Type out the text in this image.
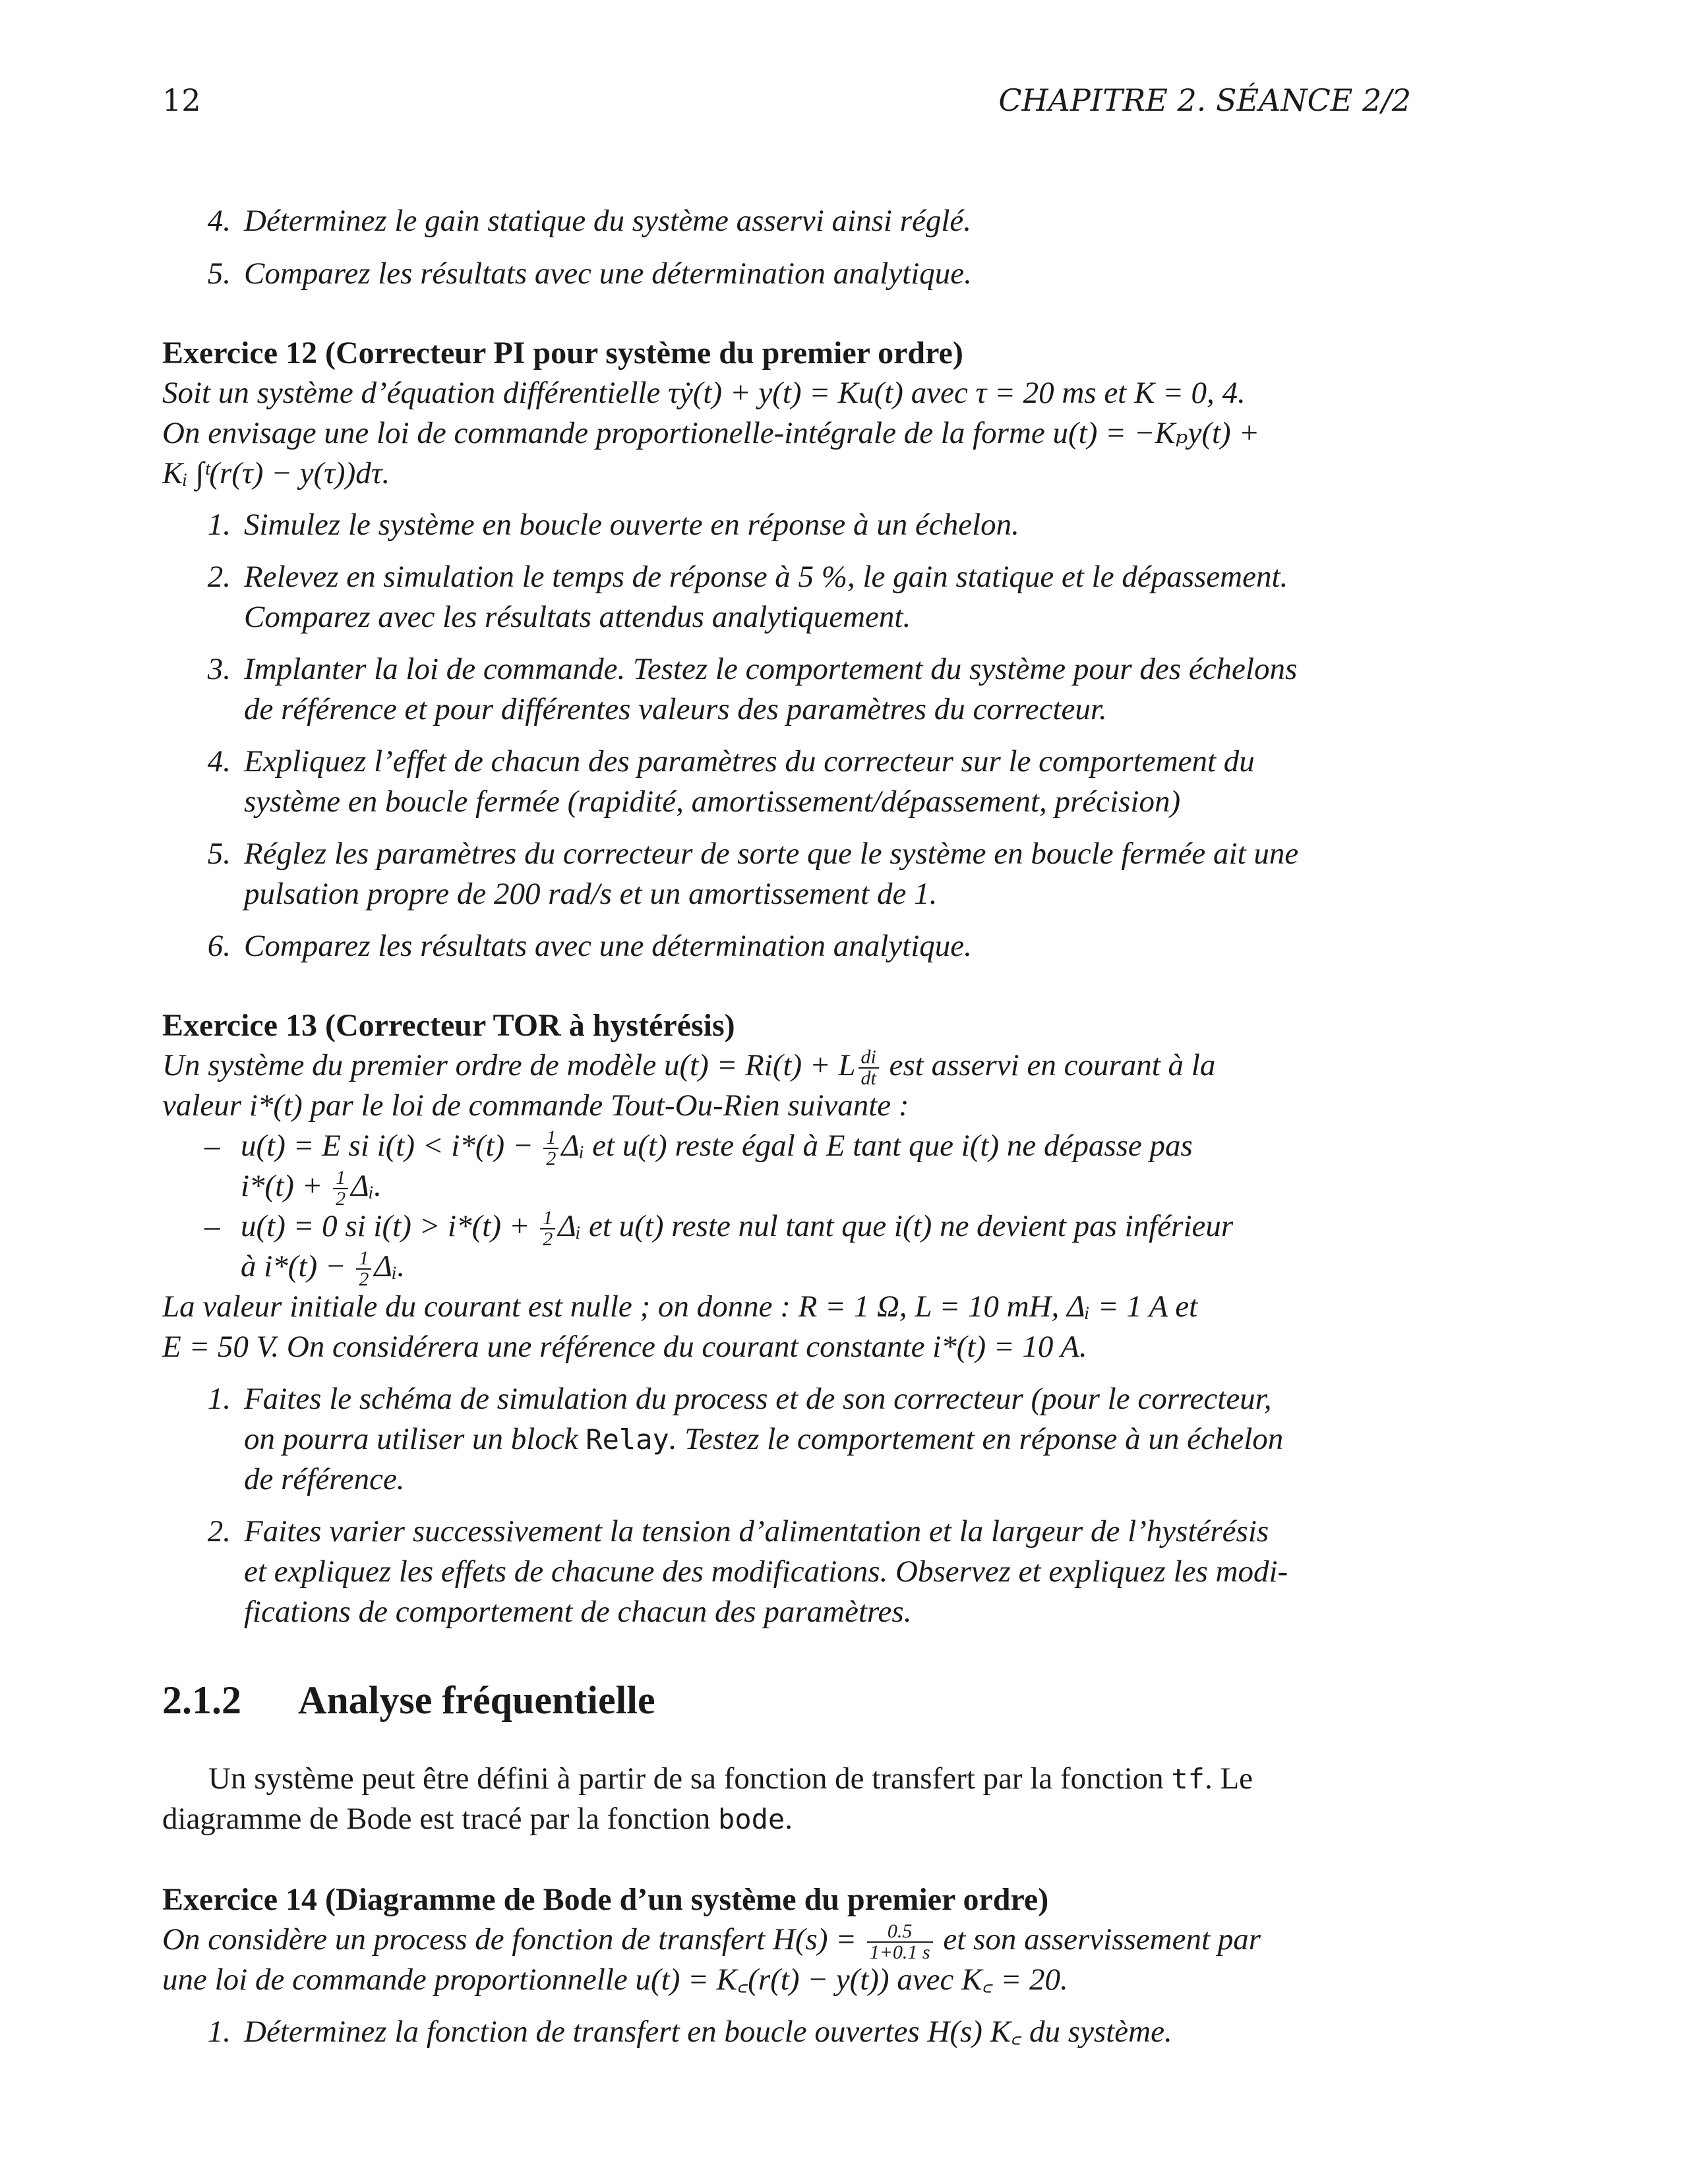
12	CHAPITRE 2. SÉANCE 2/2
4. Déterminez le gain statique du système asservi ainsi réglé.
5. Comparez les résultats avec une détermination analytique.
Exercice 12 (Correcteur PI pour système du premier ordre)
Soit un système d’équation différentielle τẏ(t) + y(t) = Ku(t) avec τ = 20 ms et K = 0, 4.
On envisage une loi de commande proportionelle-intégrale de la forme u(t) = −Kₚy(t) +
Kᵢ ∫ᵗ(r(τ) − y(τ))dτ.
1. Simulez le système en boucle ouverte en réponse à un échelon.
2. Relevez en simulation le temps de réponse à 5 %, le gain statique et le dépassement.
Comparez avec les résultats attendus analytiquement.
3. Implanter la loi de commande. Testez le comportement du système pour des échelons
de référence et pour différentes valeurs des paramètres du correcteur.
4. Expliquez l’effet de chacun des paramètres du correcteur sur le comportement du
système en boucle fermée (rapidité, amortissement/dépassement, précision)
5. Réglez les paramètres du correcteur de sorte que le système en boucle fermée ait une
pulsation propre de 200 rad/s et un amortissement de 1.
6. Comparez les résultats avec une détermination analytique.
Exercice 13 (Correcteur TOR à hystérésis)
Un système du premier ordre de modèle u(t) = Ri(t) + L $\frac{di}{dt}$ est asservi en courant à la
valeur i*(t) par le loi de commande Tout-Ou-Rien suivante :
– u(t) = E si $i(t) < i*(t) - \frac{1}{2}$ Δᵢ et u(t) reste égal à E tant que i(t) ne dépasse pas
$i*(t) + \frac{1}{2}$ Δᵢ.
– u(t) = 0 si $i(t) > i*(t) + \frac{1}{2}$ Δᵢ et u(t) reste nul tant que i(t) ne devient pas inférieur
à $i*(t) - \frac{1}{2}$ Δᵢ.
La valeur initiale du courant est nulle ; on donne : R = 1 Ω, L = 10 mH, Δᵢ = 1 A et
E = 50 V. On considérera une référence du courant constante i*(t) = 10 A.
1. Faites le schéma de simulation du process et de son correcteur (pour le correcteur,
on pourra utiliser un block Relay. Testez le comportement en réponse à un échelon
de référence.
2. Faites varier successivement la tension d’alimentation et la largeur de l’hystérésis
et expliquez les effets de chacune des modifications. Observez et expliquez les modi-
fications de comportement de chacun des paramètres.
2.1.2 Analyse fréquentielle
Un système peut être défini à partir de sa fonction de transfert par la fonction tf. Le
diagramme de Bode est tracé par la fonction bode.
Exercice 14 (Diagramme de Bode d’un système du premier ordre)
On considère un process de fonction de transfert $H(s) = \frac{0.5}{1+0.1 s}$ et son asservissement par
une loi de commande proportionnelle u(t) = K꜀(r(t) − y(t)) avec K꜀ = 20.
1. Déterminez la fonction de transfert en boucle ouvertes H(s) K꜀ du système.
